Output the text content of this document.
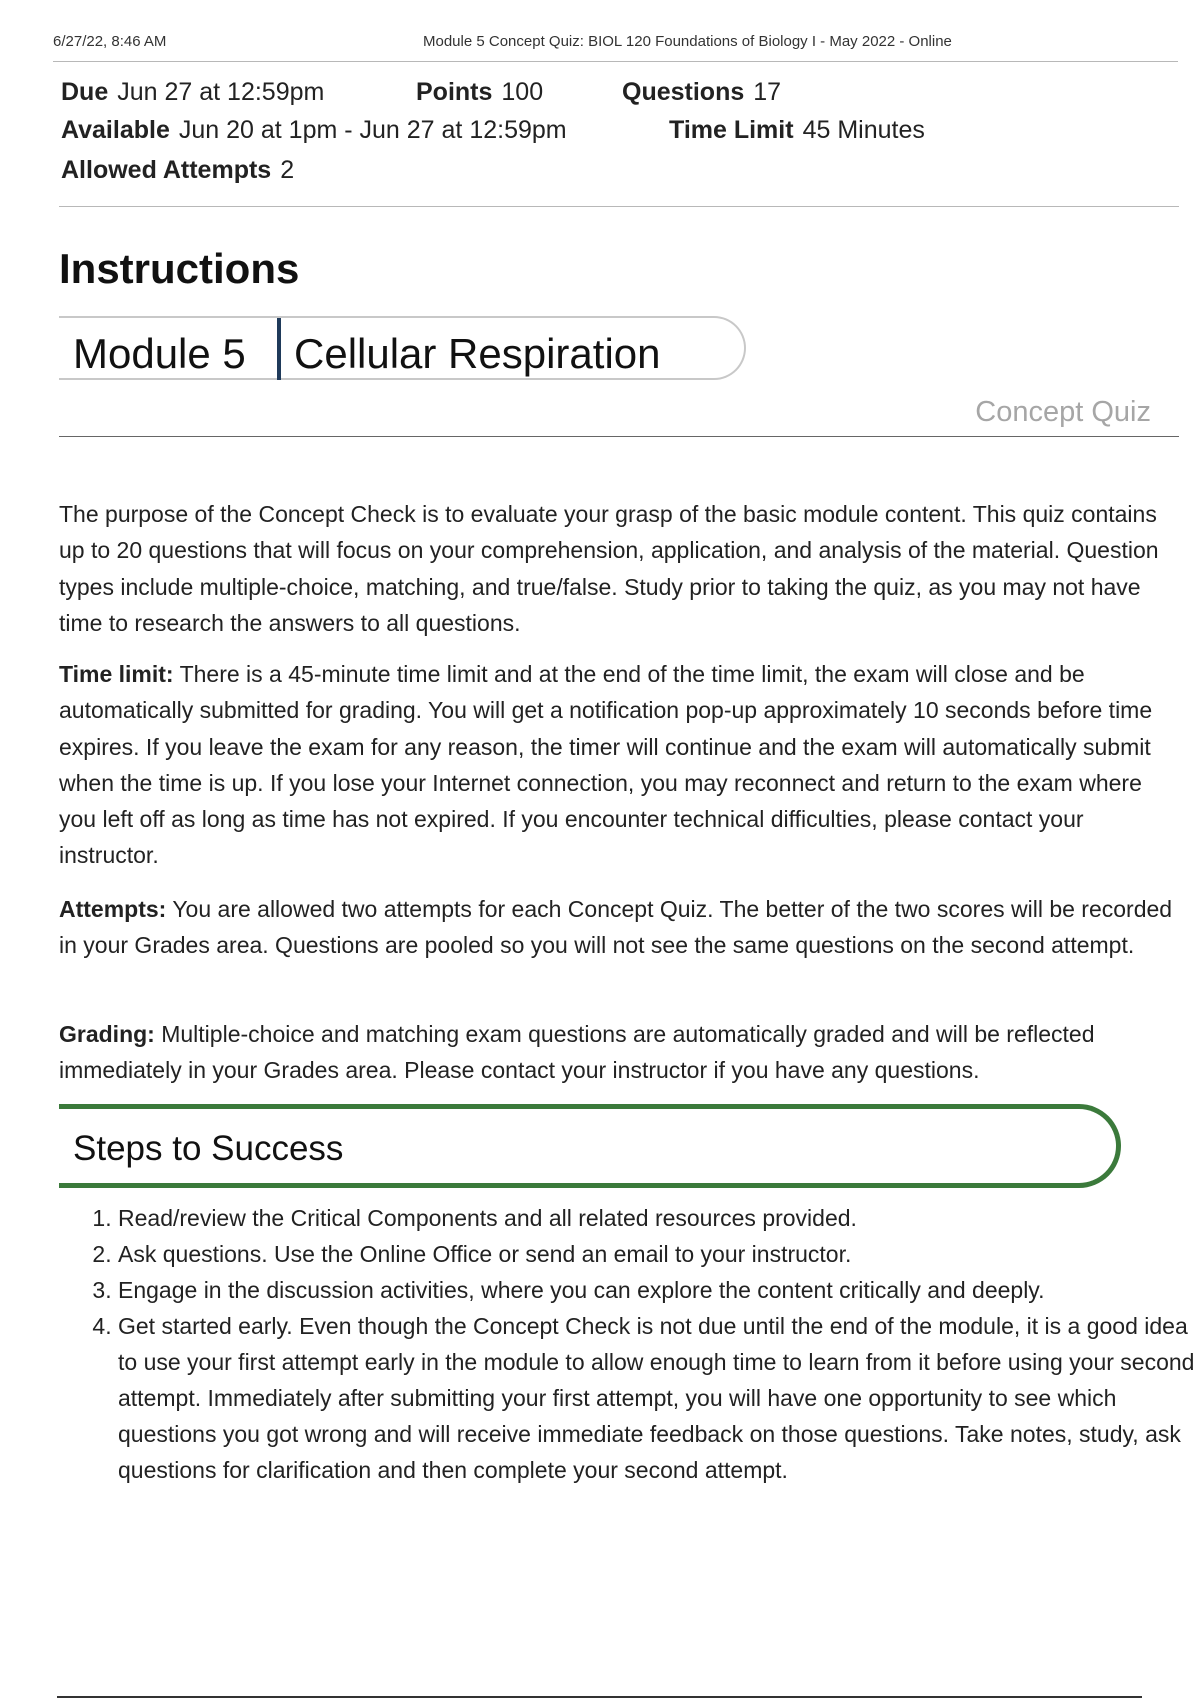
6/27/22, 8:46 AM	Module 5 Concept Quiz: BIOL 120 Foundations of Biology I - May 2022 - Online
Due Jun 27 at 12:59pm	Points 100	Questions 17
Available Jun 20 at 1pm - Jun 27 at 12:59pm	Time Limit 45 Minutes
Allowed Attempts 2
Instructions
Module 5 Cellular Respiration
Concept Quiz

The purpose of the Concept Check is to evaluate your grasp of the basic module content. This quiz contains up to 20 questions that will focus on your comprehension, application, and analysis of the material. Question types include multiple-choice, matching, and true/false. Study prior to taking the quiz, as you may not have time to research the answers to all questions.

Time limit: There is a 45-minute time limit and at the end of the time limit, the exam will close and be automatically submitted for grading. You will get a notification pop-up approximately 10 seconds before time expires. If you leave the exam for any reason, the timer will continue and the exam will automatically submit when the time is up. If you lose your Internet connection, you may reconnect and return to the exam where you left off as long as time has not expired. If you encounter technical difficulties, please contact your instructor.

Attempts: You are allowed two attempts for each Concept Quiz. The better of the two scores will be recorded in your Grades area. Questions are pooled so you will not see the same questions on the second attempt.

Grading: Multiple-choice and matching exam questions are automatically graded and will be reflected immediately in your Grades area. Please contact your instructor if you have any questions.

Steps to Success
1. Read/review the Critical Components and all related resources provided.
2. Ask questions. Use the Online Office or send an email to your instructor.
3. Engage in the discussion activities, where you can explore the content critically and deeply.
4. Get started early. Even though the Concept Check is not due until the end of the module, it is a good idea to use your first attempt early in the module to allow enough time to learn from it before using your second attempt. Immediately after submitting your first attempt, you will have one opportunity to see which questions you got wrong and will receive immediate feedback on those questions. Take notes, study, ask questions for clarification and then complete your second attempt.
